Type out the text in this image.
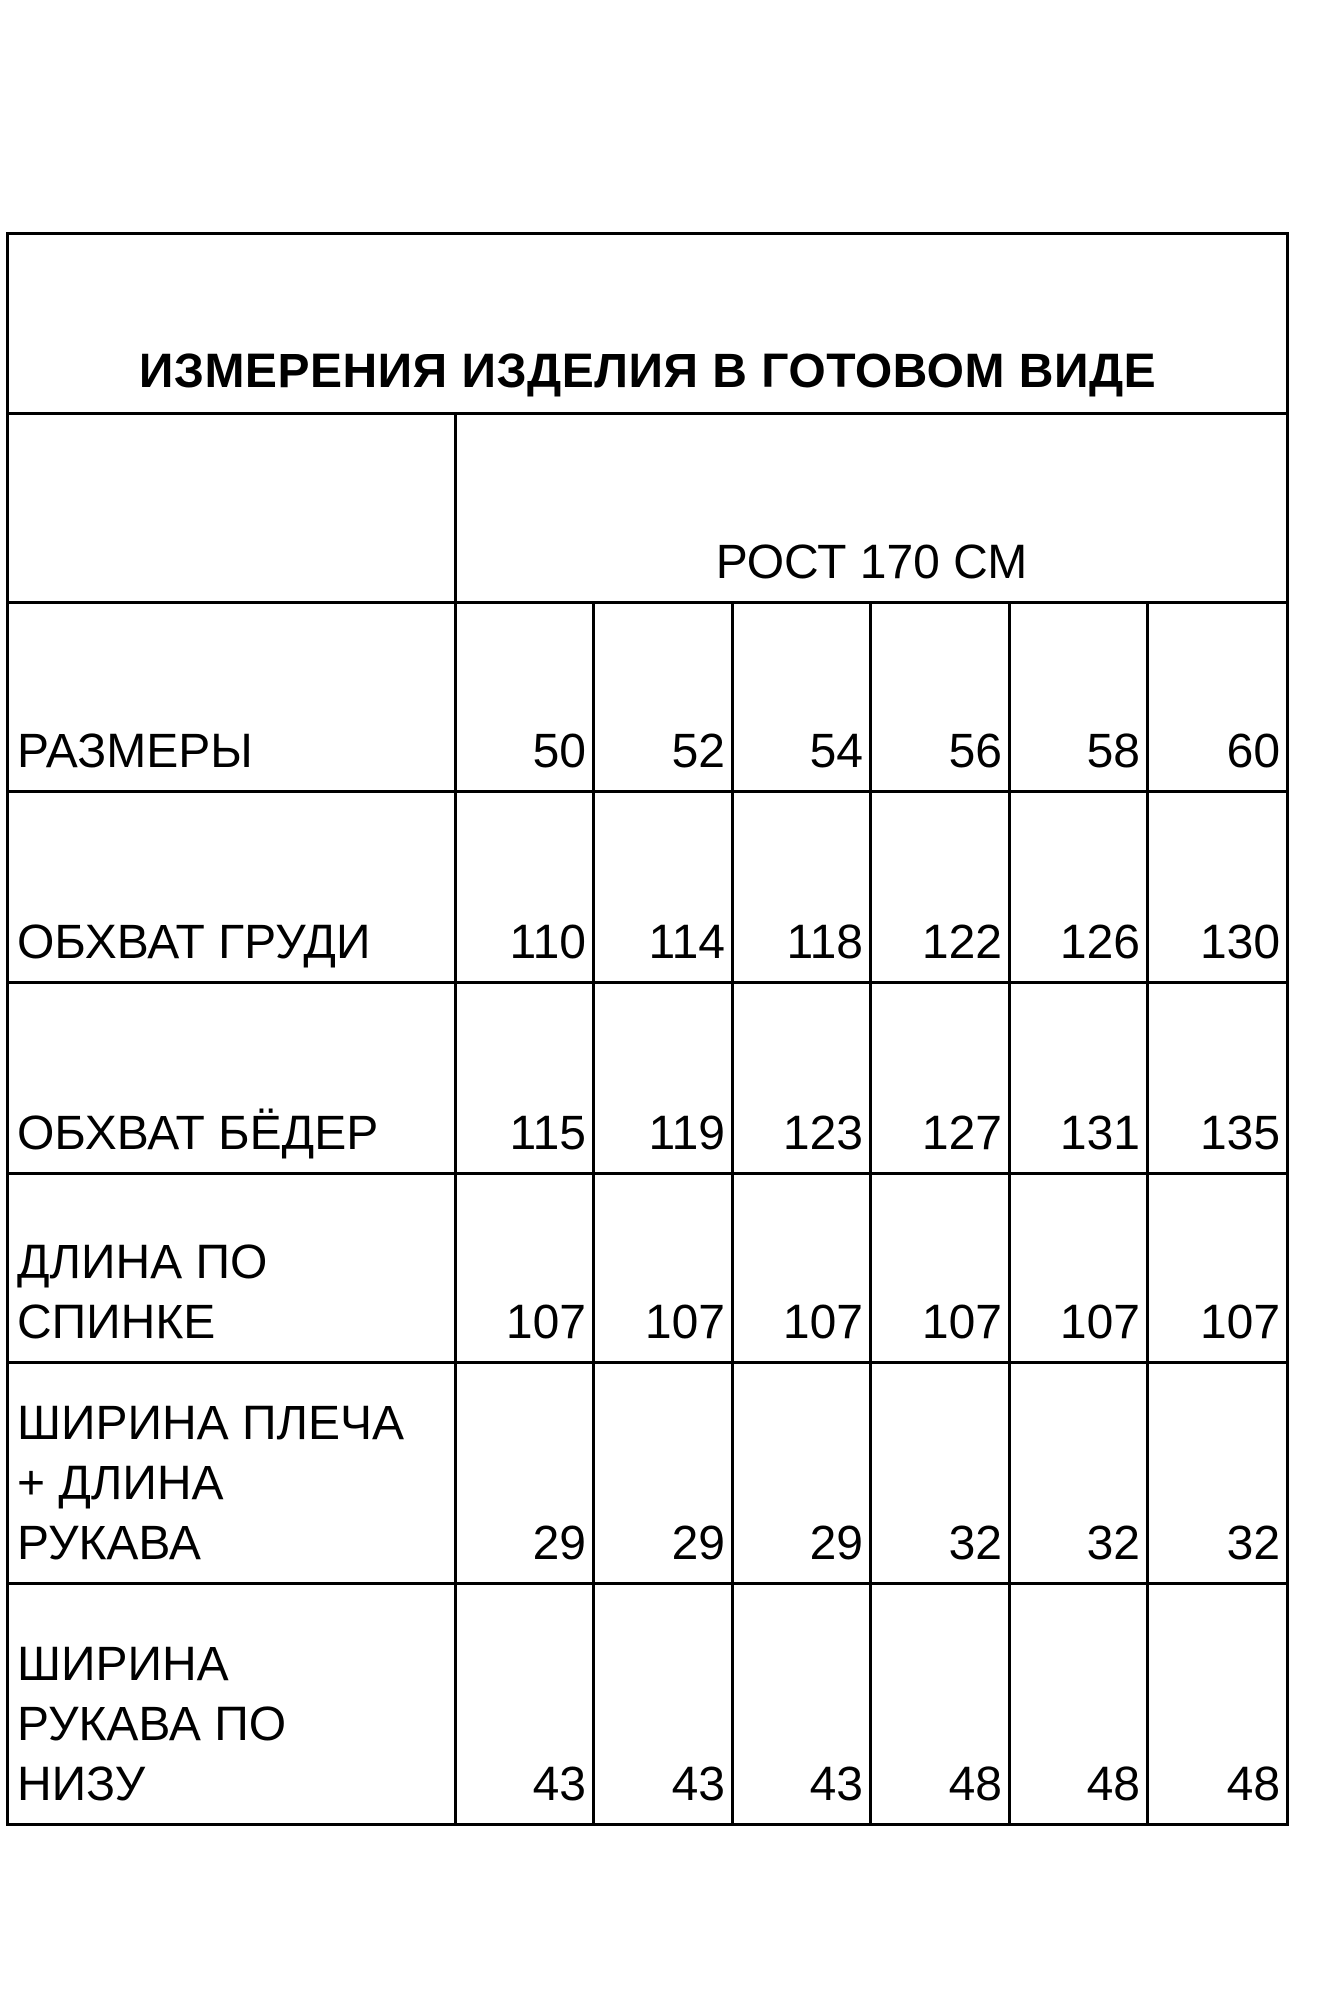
ИЗМЕРЕНИЯ ИЗДЕЛИЯ В ГОТОВОМ ВИДЕ						
	РОСТ 170 СМ					
РАЗМЕРЫ	50	52	54	56	58	60
ОБХВАТ ГРУДИ	110	114	118	122	126	130
ОБХВАТ БЁДЕР	115	119	123	127	131	135
ДЛИНА ПО
СПИНКЕ	107	107	107	107	107	107
ШИРИНА ПЛЕЧА
+ ДЛИНА
РУКАВА	29	29	29	32	32	32
ШИРИНА
РУКАВА ПО
НИЗУ	43	43	43	48	48	48
